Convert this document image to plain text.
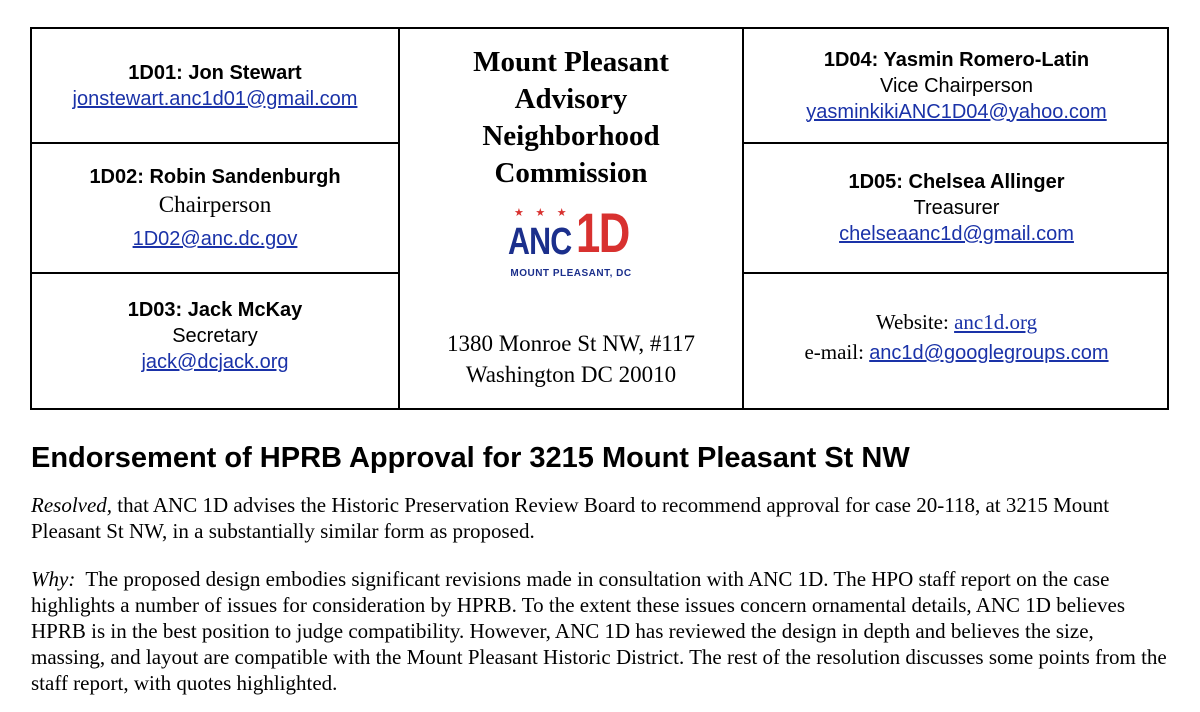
1D01: Jon Stewart
jonstewart.anc1d01@gmail.com
1D02: Robin Sandenburgh
Chairperson
1D02@anc.dc.gov
1D03: Jack McKay
Secretary
jack@dcjack.org
Mount Pleasant
Advisory
Neighborhood
Commission
★ ★ ★
ANC 1D
MOUNT PLEASANT, DC
1380 Monroe St NW, #117
Washington DC 20010
1D04: Yasmin Romero-Latin
Vice Chairperson
yasminkikiANC1D04@yahoo.com
1D05: Chelsea Allinger
Treasurer
chelseaanc1d@gmail.com
Website: anc1d.org
e-mail: anc1d@googlegroups.com
Endorsement of HPRB Approval for 3215 Mount Pleasant St NW

Resolved, that ANC 1D advises the Historic Preservation Review Board to recommend approval for case 20-118, at 3215 Mount Pleasant St NW, in a substantially similar form as proposed.

Why:  The proposed design embodies significant revisions made in consultation with ANC 1D. The HPO staff report on the case highlights a number of issues for consideration by HPRB. To the extent these issues concern ornamental details, ANC 1D believes HPRB is in the best position to judge compatibility. However, ANC 1D has reviewed the design in depth and believes the size, massing, and layout are compatible with the Mount Pleasant Historic District. The rest of the resolution discusses some points from the staff report, with quotes highlighted.
